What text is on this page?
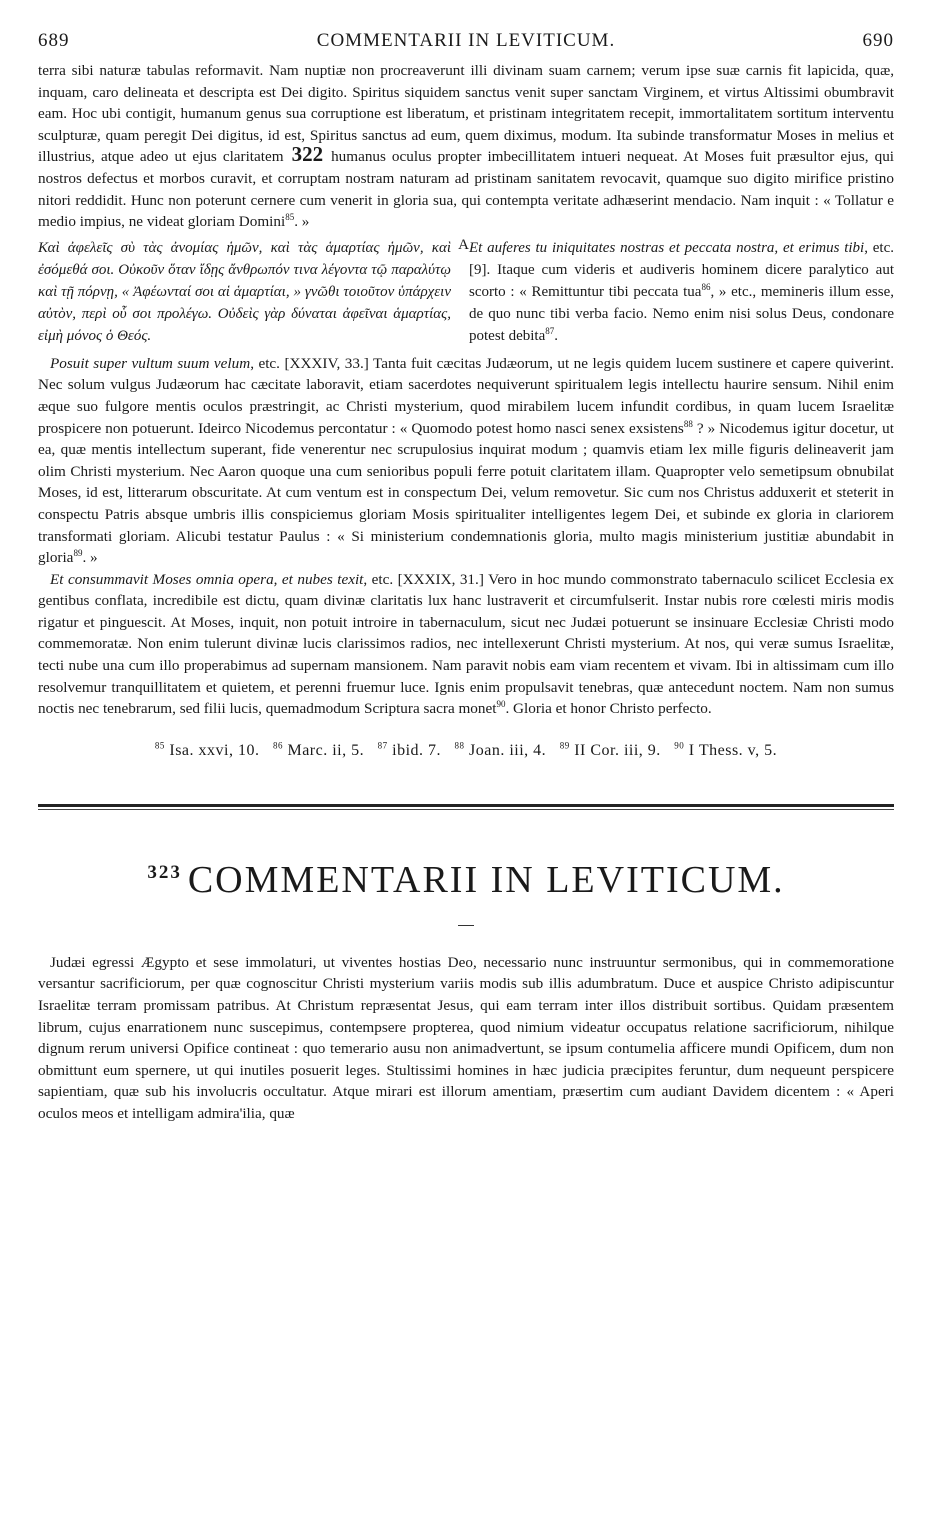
689	COMMENTARII IN LEVITICUM.	690

terra sibi naturæ tabulas reformavit. Nam nuptiæ non procreaverunt illi divinam suam carnem; verum ipse suæ carnis fit lapicida, quæ, inquam, caro delineata et descripta est Dei digito. Spiritus siquidem sanctus venit super sanctam Virginem, et virtus Altissimi obumbravit eam. Hoc ubi contigit, humanum genus sua corruptione est liberatum, et pristinam integritatem recepit, immortalitatem sortitum interventu sculpturæ, quam peregit Dei digitus, id est, Spiritus sanctus ad eum, quem diximus, modum. Ita subinde transformatur Moses in melius et illustrius, atque adeo ut ejus claritatem 322 humanus oculus propter imbecillitatem intueri nequeat. At Moses fuit præsultor ejus, qui nostros defectus et morbos curavit, et corruptam nostram naturam ad pristinam sanitatem revocavit, quamque suo digito mirifice pristino nitori reddidit. Hunc non poterunt cernere cum venerit in gloria sua, qui contempta veritate adhæserint mendacio. Nam inquit : « Tollatur e medio impius, ne videat gloriam Domini$^{85}$. »

Καὶ ἀφελεῖς σὺ τὰς ἀνομίας ἡμῶν, καὶ τὰς ἁμαρτίας ἡμῶν, καὶ ἐσόμεθά σοι. Οὐκοῦν ὅταν ἴδῃς ἄνθρωπόν τινα λέγοντα τῷ παραλύτῳ καὶ τῇ πόρνῃ, « Ἀφέωνταί σοι αἱ ἁμαρτίαι, » γνῶθι τοιοῦτον ὑπάρχειν αὐτὸν, περὶ οὗ σοι προλέγω. Οὐδεὶς γὰρ δύναται ἀφεῖναι ἁμαρτίας, εἰμὴ μόνος ὁ Θεός.

A Et auferes tu iniquitates nostras et peccata nostra, et erimus tibi, etc. [9]. Itaque cum videris et audiveris hominem dicere paralytico aut scorto : « Remittuntur tibi peccata tua$^{86}$, » etc., memineris illum esse, de quo nunc tibi verba facio. Nemo enim nisi solus Deus, condonare potest debita$^{87}$.

Posuit super vultum suum velum, etc. [XXXIV, 33.] Tanta fuit cæcitas Judæorum, ut ne legis quidem lucem sustinere et capere quiverint. Nec solum vulgus Judæorum hac cæcitate laboravit, etiam sacerdotes nequiverunt spiritualem legis intellectu haurire sensum. Nihil enim æque suo fulgore mentis oculos præstringit, ac Christi mysterium, quod mirabilem lucem infundit cordibus, in quam lucem Israelitæ prospicere non potuerunt. Ideirco Nicodemus percontatur : « Quomodo potest homo nasci senex exsistens$^{88}$ ? » Nicodemus igitur docetur, ut ea, quæ mentis intellectum superant, fide venerentur nec scrupulosius inquirat modum ; quamvis etiam lex mille figuris delineaverit jam olim Christi mysterium. Nec Aaron quoque una cum senioribus populi ferre potuit claritatem illam. Quapropter velo semetipsum obnubilat Moses, id est, litterarum obscuritate. At cum ventum est in conspectum Dei, velum removetur. Sic cum nos Christus adduxerit et steterit in conspectu Patris absque umbris illis conspiciemus gloriam Mosis spiritualiter intelligentes legem Dei, et subinde ex gloria in clariorem transformati gloriam. Alicubi testatur Paulus : « Si ministerium condemnationis gloria, multo magis ministerium justitiæ abundabit in gloria$^{89}$. »

Et consummavit Moses omnia opera, et nubes texit, etc. [XXXIX, 31.] Vero in hoc mundo commonstrato tabernaculo scilicet Ecclesia ex gentibus conflata, incredibile est dictu, quam divinæ claritatis lux hanc lustraverit et circumfulserit. Instar nubis rore cœlesti miris modis rigatur et pinguescit. At Moses, inquit, non potuit introire in tabernaculum, sicut nec Judæi potuerunt se insinuare Ecclesiæ Christi modo commemoratæ. Non enim tulerunt divinæ lucis clarissimos radios, nec intellexerunt Christi mysterium. At nos, qui veræ sumus Israelitæ, tecti nube una cum illo properabimus ad supernam mansionem. Nam paravit nobis eam viam recentem et vivam. Ibi in altissimam cum illo resolvemur tranquillitatem et quietem, et perenni fruemur luce. Ignis enim propulsavit tenebras, quæ antecedunt noctem. Nam non sumus noctis nec tenebrarum, sed filii lucis, quemadmodum Scriptura sacra monet$^{90}$. Gloria et honor Christo perfecto.

$^{85}$ Isa. xxvi, 10. $^{86}$ Marc. ii, 5. $^{87}$ ibid. 7. $^{88}$ Joan. iii, 4. $^{89}$ II Cor. iii, 9. $^{90}$ I Thess. v, 5.
$^{323}$ COMMENTARII IN LEVITICUM.

Judæi egressi Ægypto et sese immolaturi, ut viventes hostias Deo, necessario nunc instruuntur sermonibus, qui in commemoratione versantur sacrificiorum, per quæ cognoscitur Christi mysterium variis modis sub illis adumbratum. Duce et auspice Christo adipiscuntur Israelitæ terram promissam patribus. At Christum repræsentat Jesus, qui eam terram inter illos distribuit sortibus. Quidam præsentem librum, cujus enarrationem nunc suscepimus, contempsere propterea, quod nimium videatur occupatus relatione sacrificiorum, nihilque dignum rerum universi Opifice contineat : quo temerario ausu non animadvertunt, se ipsum contumelia afficere mundi Opificem, dum non obmittunt eum spernere, ut qui inutiles posuerit leges. Stultissimi homines in hæc judicia præcipites feruntur, dum nequeunt perspicere sapientiam, quæ sub his involucris occultatur. Atque mirari est illorum amentiam, præsertim cum audiant Davidem dicentem : « Aperi oculos meos et intelligam admira'ilia, quæ
